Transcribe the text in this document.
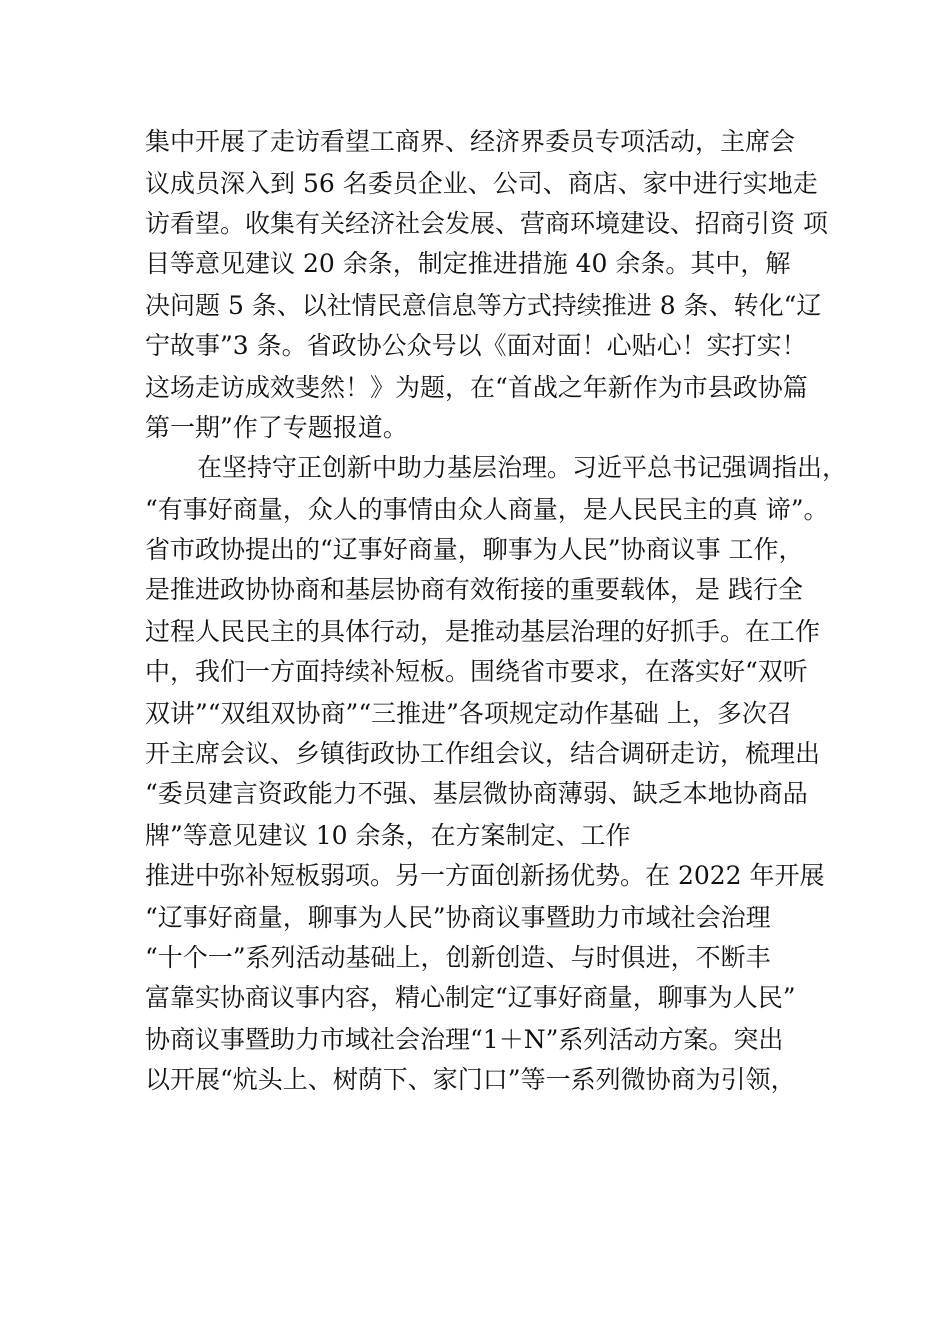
集中开展了走访看望工商界、经济界委员专项活动，主席会
议成员深入到 56 名委员企业、公司、商店、家中进行实地走
访看望。收集有关经济社会发展、营商环境建设、招商引资 项
目等意见建议 20 余条，制定推进措施 40 余条。其中，解
决问题 5 条、以社情民意信息等方式持续推进 8 条、转化“辽
宁故事”3 条。省政协公众号以《面对面！心贴心！实打实！
这场走访成效斐然！》为题，在“首战之年新作为市县政协篇
第一期”作了专题报道。
在坚持守正创新中助力基层治理。习近平总书记强调指出，
“有事好商量，众人的事情由众人商量，是人民民主的真 谛”。
省市政协提出的“辽事好商量，聊事为人民”协商议事 工作，
是推进政协协商和基层协商有效衔接的重要载体，是 践行全
过程人民民主的具体行动，是推动基层治理的好抓手。在工作
中，我们一方面持续补短板。围绕省市要求，在落实好“双听
双讲”“双组双协商”“三推进”各项规定动作基础 上，多次召
开主席会议、乡镇街政协工作组会议，结合调研走访，梳理出
“委员建言资政能力不强、基层微协商薄弱、缺乏本地协商品
牌”等意见建议 10 余条，在方案制定、工作
推进中弥补短板弱项。另一方面创新扬优势。在 2022 年开展
“辽事好商量，聊事为人民”协商议事暨助力市域社会治理
“十个一”系列活动基础上，创新创造、与时俱进，不断丰
富靠实协商议事内容，精心制定“辽事好商量，聊事为人民”
协商议事暨助力市域社会治理“1＋N”系列活动方案。突出
以开展“炕头上、树荫下、家门口”等一系列微协商为引领，
